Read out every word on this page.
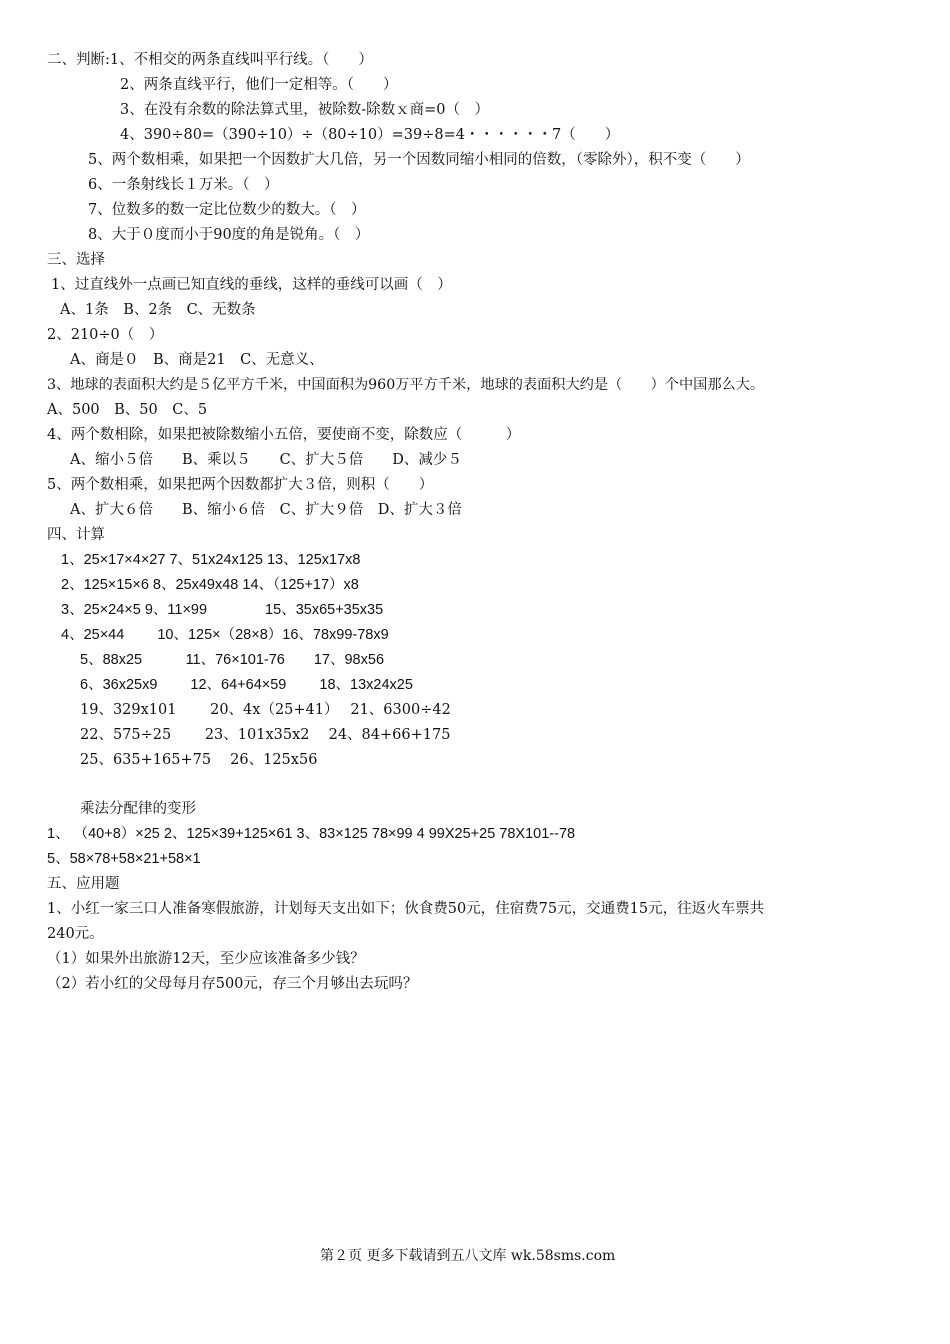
二、判断:1、不相交的两条直线叫平行线。（　　）
2、两条直线平行，他们一定相等。（　　）
3、在没有余数的除法算式里，被除数-除数ｘ商=0（　）
4、390÷80=（390÷10）÷（80÷10）=39÷8=4・・・・・・7（　　）
5、两个数相乘，如果把一个因数扩大几倍，另一个因数同缩小相同的倍数，（零除外），积不变（　　）
6、一条射线长１万米。（　）
7、位数多的数一定比位数少的数大。（　）
8、大于０度而小于90度的角是锐角。（　）
三、选择
1、过直线外一点画已知直线的垂线，这样的垂线可以画（　）
A、1条　B、2条　C、无数条
2、210÷0（　）
A、商是０　B、商是21　C、无意义、
3、地球的表面积大约是５亿平方千米，中国面积为960万平方千米，地球的表面积大约是（　　）个中国那么大。
A、500　B、50　C、5
4、两个数相除，如果把被除数缩小五倍，要使商不变，除数应（　　　）
A、缩小５倍　　B、乘以５　　C、扩大５倍　　D、减少５
5、两个数相乘，如果把两个因数都扩大３倍，则积（　　）
A、扩大６倍　　B、缩小６倍　C、扩大９倍　D、扩大３倍
四、计算
1、25×17×4×27 7、51x24x125 13、125x17x8
2、125×15×6 8、25x49x48 14、（125+17）x8
3、25×24×5 9、11×99　　　　15、35x65+35x35
4、25×44　　 10、125×（28×8）16、78x99-78x9
5、88x25　　　11、76×101-76　　17、98x56
6、36x25x9　　 12、64+64×59　　 18、13x24x25
19、329x101　　 20、4x（25+41）　 21、6300÷42
22、575÷25　　 23、101x35x2　 24、84+66+175
25、635+165+75　 26、125x56
乘法分配律的变形
1、 （40+8）×25 2、125×39+125×61 3、83×125 78×99 4 99X25+25 78X101--78
5、58×78+58×21+58×1
五、应用题
1、小红一家三口人准备寒假旅游，计划每天支出如下；伙食费50元，住宿费75元，交通费15元，往返火车票共
240元。
（1）如果外出旅游12天，至少应该准备多少钱？
（2）若小红的父母每月存500元，存三个月够出去玩吗？
第２页 更多下载请到五八文库 wk.58sms.com
